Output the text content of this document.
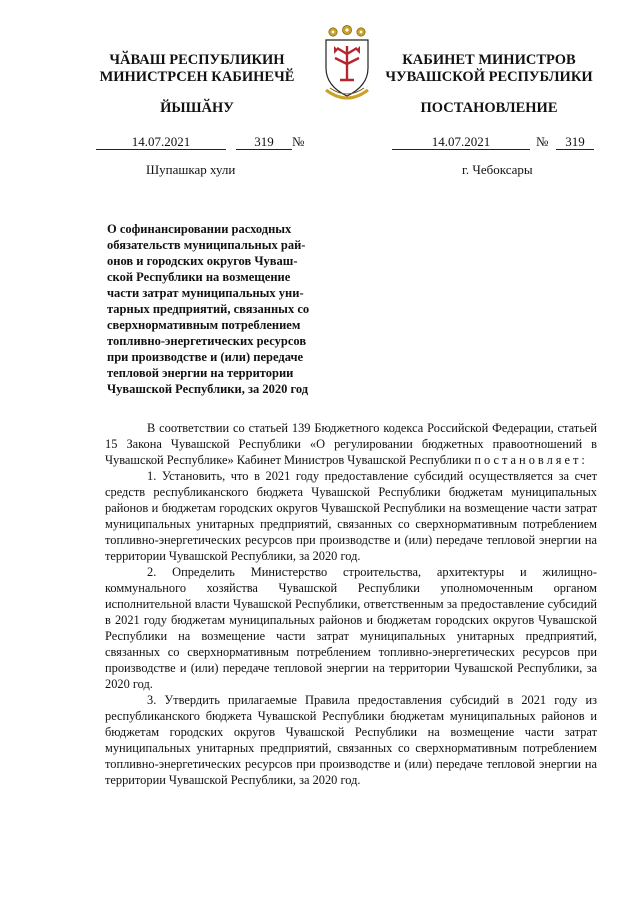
ЧӐВАШ РЕСПУБЛИКИН
МИНИСТРСЕН КАБИНЕЧӖ
ЙЫШӐНУ
КАБИНЕТ МИНИСТРОВ
ЧУВАШСКОЙ РЕСПУБЛИКИ
ПОСТАНОВЛЕНИЕ
14.07.2021	319	№	14.07.2021	№	319
Шупашкар хули	г. Чебоксары
О софинансировании расходных
обязательств муниципальных рай-
онов и городских округов Чуваш-
ской Республики на возмещение
части затрат муниципальных уни-
тарных предприятий, связанных со
сверхнормативным потреблением
топливно-энергетических ресурсов
при производстве и (или) передаче
тепловой энергии на территории
Чувашской Республики, за 2020 год

В соответствии со статьей 139 Бюджетного кодекса Российской Федерации, статьей 15 Закона Чувашской Республики «О регулировании бюджетных правоотношений в Чувашской Республике» Кабинет Министров Чувашской Республики постановляет:

1. Установить, что в 2021 году предоставление субсидий осуществляется за счет средств республиканского бюджета Чувашской Республики бюджетам муниципальных районов и бюджетам городских округов Чувашской Республики на возмещение части затрат муниципальных унитарных предприятий, связанных со сверхнормативным потреблением топливно-энергетических ресурсов при производстве и (или) передаче тепловой энергии на территории Чувашской Республики, за 2020 год.

2. Определить Министерство строительства, архитектуры и жилищно-коммунального хозяйства Чувашской Республики уполномоченным органом исполнительной власти Чувашской Республики, ответственным за предоставление субсидий в 2021 году бюджетам муниципальных районов и бюджетам городских округов Чувашской Республики на возмещение части затрат муниципальных унитарных предприятий, связанных со сверхнормативным потреблением топливно-энергетических ресурсов при производстве и (или) передаче тепловой энергии на территории Чувашской Республики, за 2020 год.

3. Утвердить прилагаемые Правила предоставления субсидий в 2021 году из республиканского бюджета Чувашской Республики бюджетам муниципальных районов и бюджетам городских округов Чувашской Республики на возмещение части затрат муниципальных унитарных предприятий, связанных со сверхнормативным потреблением топливно-энергетических ресурсов при производстве и (или) передаче тепловой энергии на территории Чувашской Республики, за 2020 год.
